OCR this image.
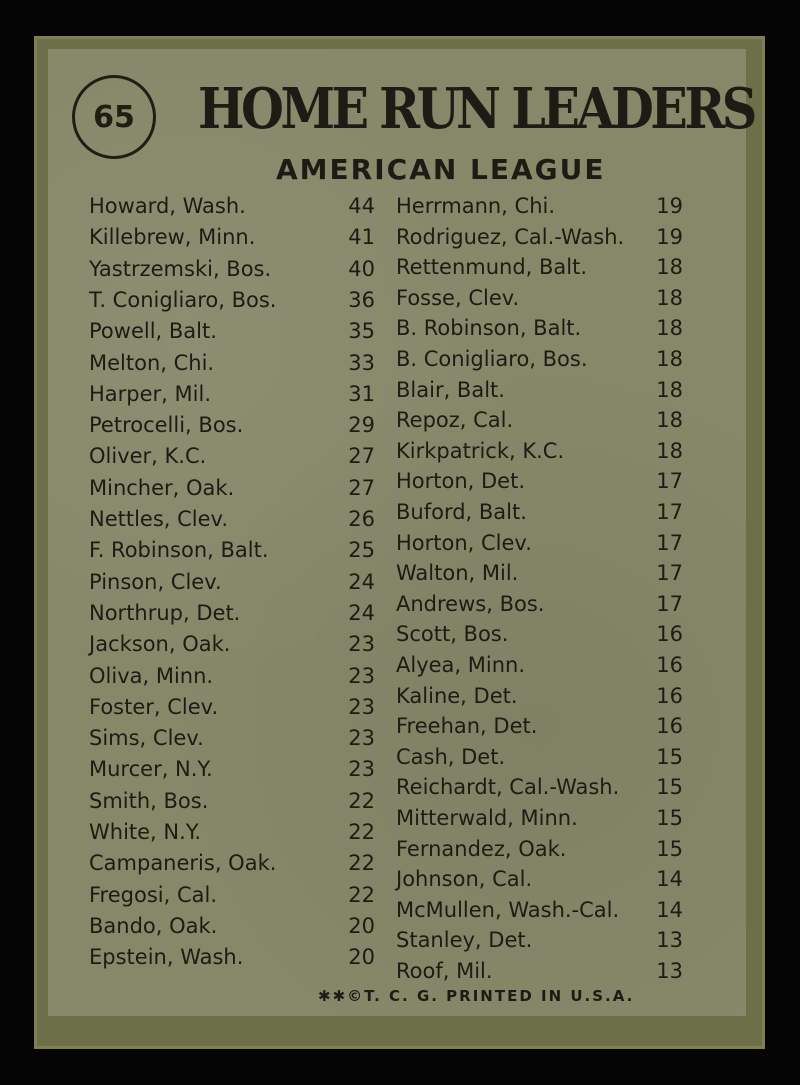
65 HOME RUN LEADERS
AMERICAN LEAGUE
Howard, Wash.	44
Killebrew, Minn.	41
Yastrzemski, Bos.	40
T. Conigliaro, Bos.	36
Powell, Balt.	35
Melton, Chi.	33
Harper, Mil.	31
Petrocelli, Bos.	29
Oliver, K.C.	27
Mincher, Oak.	27
Nettles, Clev.	26
F. Robinson, Balt.	25
Pinson, Clev.	24
Northrup, Det.	24
Jackson, Oak.	23
Oliva, Minn.	23
Foster, Clev.	23
Sims, Clev.	23
Murcer, N.Y.	23
Smith, Bos.	22
White, N.Y.	22
Campaneris, Oak.	22
Fregosi, Cal.	22
Bando, Oak.	20
Epstein, Wash.	20
Herrmann, Chi.	19
Rodriguez, Cal.-Wash. 19
Rettenmund, Balt.	18
Fosse, Clev.	18
B. Robinson, Balt.	18
B. Conigliaro, Bos.	18
Blair, Balt.	18
Repoz, Cal.	18
Kirkpatrick, K.C.	18
Horton, Det.	17
Buford, Balt.	17
Horton, Clev.	17
Walton, Mil.	17
Andrews, Bos.	17
Scott, Bos.	16
Alyea, Minn.	16
Kaline, Det.	16
Freehan, Det.	16
Cash, Det.	15
Reichardt, Cal.-Wash. 15
Mitterwald, Minn.	15
Fernandez, Oak.	15
Johnson, Cal.	14
McMullen, Wash.-Cal. 14
Stanley, Det.	13
Roof, Mil.	13
✱✱©T. C. G. PRINTED IN U.S.A.
